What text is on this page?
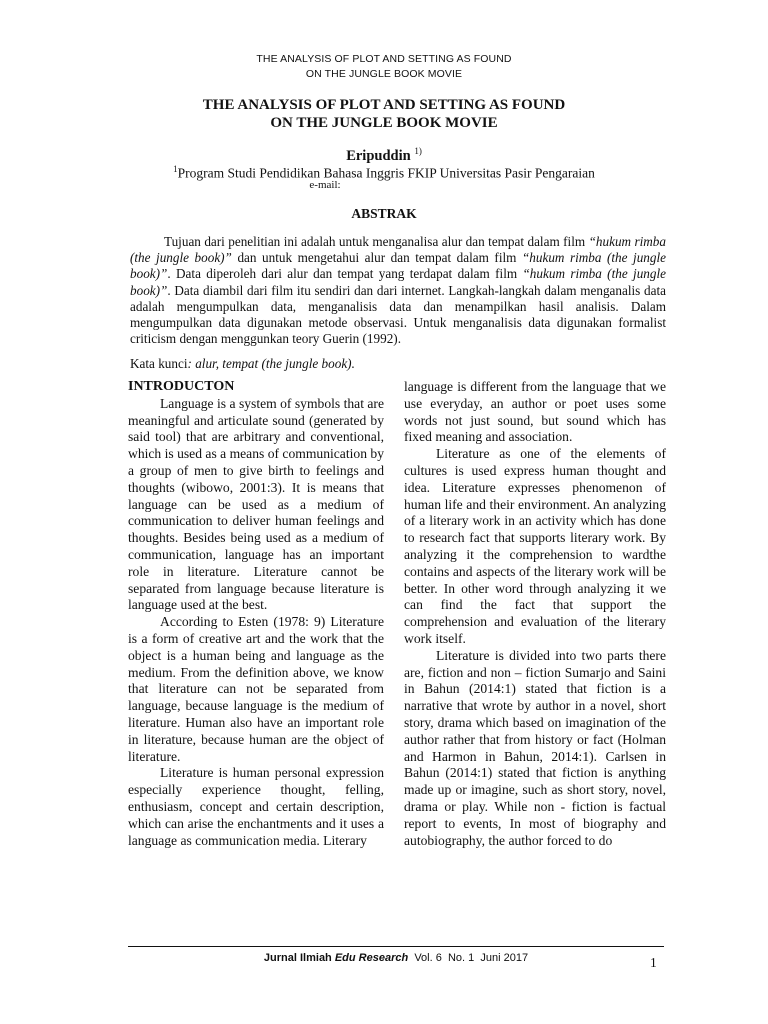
THE ANALYSIS OF PLOT AND SETTING AS FOUND
ON THE JUNGLE BOOK MOVIE
THE ANALYSIS OF PLOT AND SETTING AS FOUND
ON THE JUNGLE BOOK MOVIE
Eripuddin $^{1)}$
$^1$Program Studi Pendidikan Bahasa Inggris FKIP Universitas Pasir Pengaraian
e-mail:
ABSTRAK

Tujuan dari penelitian ini adalah untuk menganalisa alur dan tempat dalam film “hukum rimba (the jungle book)” dan untuk mengetahui alur dan tempat dalam film “hukum rimba (the jungle book)”. Data diperoleh dari alur dan tempat yang terdapat dalam film “hukum rimba (the jungle book)”. Data diambil dari film itu sendiri dan dari internet. Langkah-langkah dalam menganalis data adalah mengumpulkan data, menganalisis data dan menampilkan hasil analisis. Dalam mengumpulkan data digunakan metode observasi. Untuk menganalisis data digunakan formalist criticism dengan menggunkan teory Guerin (1992).

Kata kunci: alur, tempat (the jungle book).

INTRODUCTON

Language is a system of symbols that are meaningful and articulate sound (generated by said tool) that are arbitrary and conventional, which is used as a means of communication by a group of men to give birth to feelings and thoughts (wibowo, 2001:3). It is means that language can be used as a medium of communication to deliver human feelings and thoughts. Besides being used as a medium of communication, language has an important role in literature. Literature cannot be separated from language because literature is language used at the best.

According to Esten (1978: 9) Literature is a form of creative art and the work that the object is a human being and language as the medium. From the definition above, we know that literature can not be separated from language, because language is the medium of literature. Human also have an important role in literature, because human are the object of literature.

Literature is human personal expression especially experience thought, felling, enthusiasm, concept and certain description, which can arise the enchantments and it uses a language as communication media. Literary

language is different from the language that we use everyday, an author or poet uses some words not just sound, but sound which has fixed meaning and association.

Literature as one of the elements of cultures is used express human thought and idea. Literature expresses phenomenon of human life and their environment. An analyzing of a literary work in an activity which has done to research fact that supports literary work. By analyzing it the comprehension to wardthe contains and aspects of the literary work will be better. In other word through analyzing it we can find the fact that support the comprehension and evaluation of the literary work itself.

Literature is divided into two parts there are, fiction and non – fiction Sumarjo and Saini in Bahun (2014:1) stated that fiction is a narrative that wrote by author in a novel, short story, drama which based on imagination of the author rather that from history or fact (Holman and Harmon in Bahun, 2014:1). Carlsen in Bahun (2014:1) stated that fiction is anything made up or imagine, such as short story, novel, drama or play. While non - fiction is factual report to events, In most of biography and autobiography, the author forced to do

Jurnal Ilmiah Edu Research  Vol. 6  No. 1  Juni 2017	1
